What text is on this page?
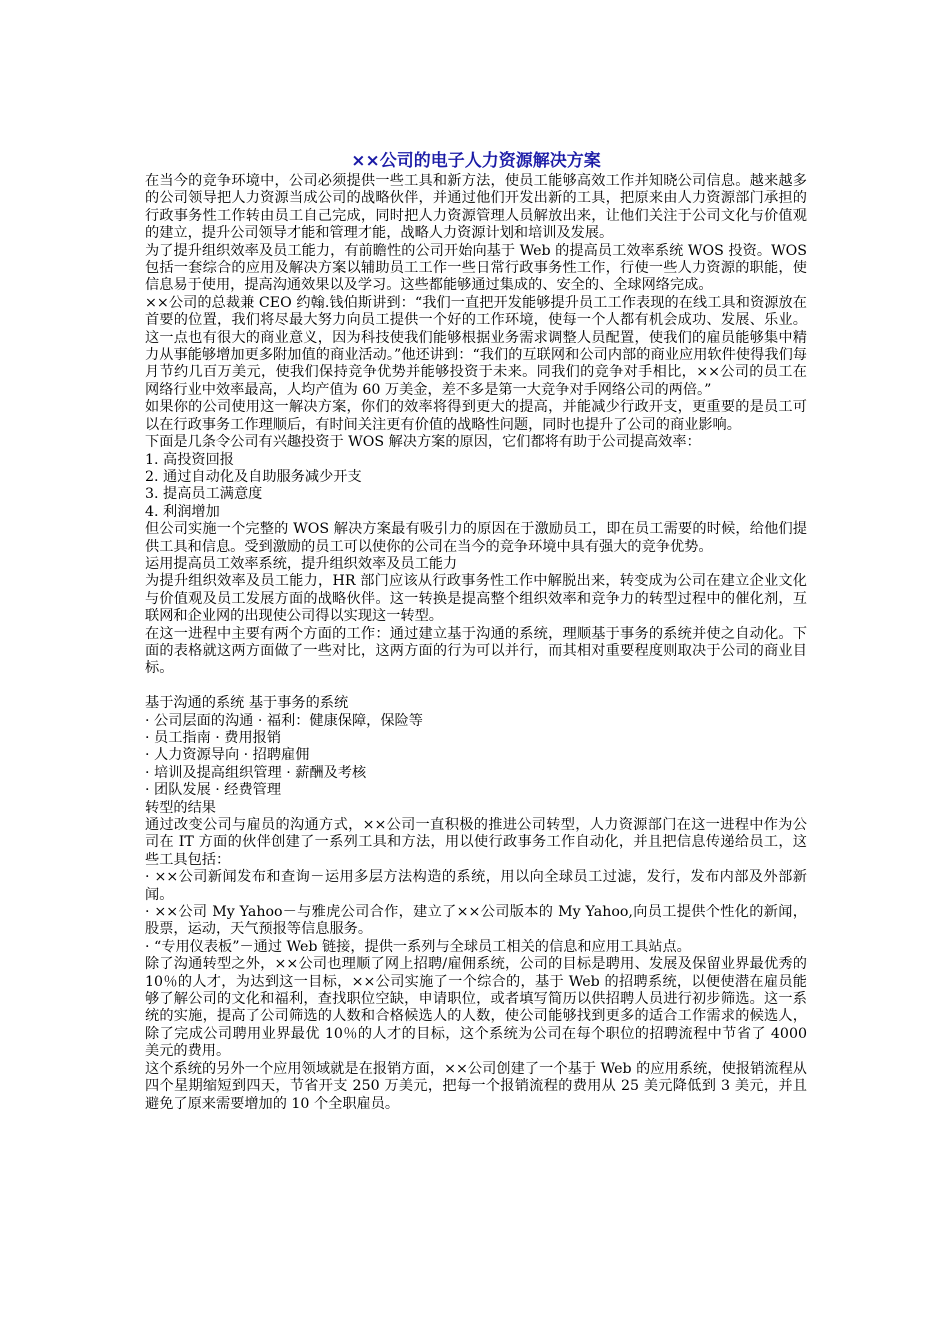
××公司的电子人力资源解决方案

在当今的竞争环境中，公司必须提供一些工具和新方法，使员工能够高效工作并知晓公司信息。越来越多的公司领导把人力资源当成公司的战略伙伴，并通过他们开发出新的工具，把原来由人力资源部门承担的行政事务性工作转由员工自己完成，同时把人力资源管理人员解放出来，让他们关注于公司文化与价值观的建立，提升公司领导才能和管理才能，战略人力资源计划和培训及发展。

为了提升组织效率及员工能力，有前瞻性的公司开始向基于 Web 的提高员工效率系统 WOS 投资。WOS 包括一套综合的应用及解决方案以辅助员工工作一些日常行政事务性工作，行使一些人力资源的职能，使信息易于使用，提高沟通效果以及学习。这些都能够通过集成的、安全的、全球网络完成。

××公司的总裁兼 CEO 约翰.钱伯斯讲到：“我们一直把开发能够提升员工工作表现的在线工具和资源放在首要的位置，我们将尽最大努力向员工提供一个好的工作环境，使每一个人都有机会成功、发展、乐业。这一点也有很大的商业意义，因为科技使我们能够根据业务需求调整人员配置，使我们的雇员能够集中精力从事能够增加更多附加值的商业活动。”他还讲到：“我们的互联网和公司内部的商业应用软件使得我们每月节约几百万美元，使我们保持竞争优势并能够投资于未来。同我们的竞争对手相比，××公司的员工在网络行业中效率最高，人均产值为 60 万美金，差不多是第一大竞争对手网络公司的两倍。”

如果你的公司使用这一解决方案，你们的效率将得到更大的提高，并能减少行政开支，更重要的是员工可以在行政事务工作理顺后，有时间关注更有价值的战略性问题，同时也提升了公司的商业影响。

下面是几条令公司有兴趣投资于 WOS 解决方案的原因，它们都将有助于公司提高效率：

1. 高投资回报

2. 通过自动化及自助服务减少开支

3. 提高员工满意度

4. 利润增加

但公司实施一个完整的 WOS 解决方案最有吸引力的原因在于激励员工，即在员工需要的时候，给他们提供工具和信息。受到激励的员工可以使你的公司在当今的竞争环境中具有强大的竞争优势。

运用提高员工效率系统，提升组织效率及员工能力

为提升组织效率及员工能力，HR 部门应该从行政事务性工作中解脱出来，转变成为公司在建立企业文化与价值观及员工发展方面的战略伙伴。这一转换是提高整个组织效率和竞争力的转型过程中的催化剂，互联网和企业网的出现使公司得以实现这一转型。

在这一进程中主要有两个方面的工作：通过建立基于沟通的系统，理顺基于事务的系统并使之自动化。下面的表格就这两方面做了一些对比，这两方面的行为可以并行，而其相对重要程度则取决于公司的商业目标。

基于沟通的系统 基于事务的系统

· 公司层面的沟通 · 福利：健康保障，保险等

· 员工指南 · 费用报销

· 人力资源导向 · 招聘雇佣

· 培训及提高组织管理 · 薪酬及考核

· 团队发展 · 经费管理

转型的结果

通过改变公司与雇员的沟通方式，××公司一直积极的推进公司转型，人力资源部门在这一进程中作为公司在 IT 方面的伙伴创建了一系列工具和方法，用以使行政事务工作自动化，并且把信息传递给员工，这些工具包括：

· ××公司新闻发布和查询－运用多层方法构造的系统，用以向全球员工过滤，发行，发布内部及外部新闻。

· ××公司 My Yahoo－与雅虎公司合作，建立了××公司版本的 My Yahoo,向员工提供个性化的新闻，股票，运动，天气预报等信息服务。

· “专用仪表板”－通过 Web 链接，提供一系列与全球员工相关的信息和应用工具站点。

除了沟通转型之外，××公司也理顺了网上招聘/雇佣系统，公司的目标是聘用、发展及保留业界最优秀的 10％的人才，为达到这一目标，××公司实施了一个综合的，基于 Web 的招聘系统，以便使潜在雇员能够了解公司的文化和福利，查找职位空缺，申请职位，或者填写简历以供招聘人员进行初步筛选。这一系统的实施，提高了公司筛选的人数和合格候选人的人数，使公司能够找到更多的适合工作需求的候选人，除了完成公司聘用业界最优 10％的人才的目标，这个系统为公司在每个职位的招聘流程中节省了 4000 美元的费用。

这个系统的另外一个应用领域就是在报销方面，××公司创建了一个基于 Web 的应用系统，使报销流程从四个星期缩短到四天，节省开支 250 万美元，把每一个报销流程的费用从 25 美元降低到 3 美元，并且避免了原来需要增加的 10 个全职雇员。
